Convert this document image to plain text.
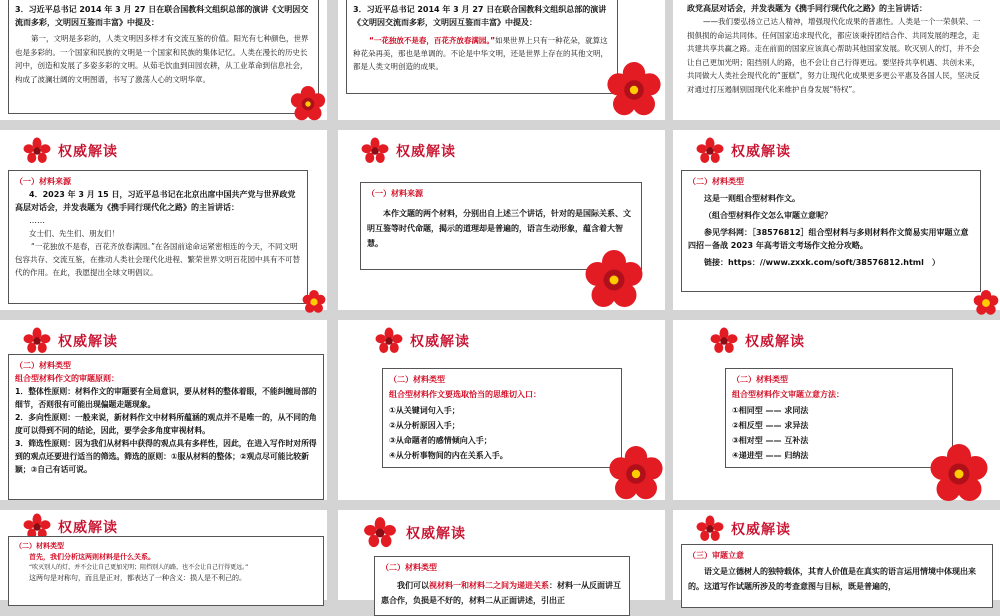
3．习近平总书记 2014 年 3 月 27 日在联合国教科文组织总部的演讲《文明因交流而多彩，文明因互鉴而丰富》中提及：

第一，文明是多彩的，人类文明因多样才有交流互鉴的价值。阳光有七种颜色，世界也是多彩的。一个国家和民族的文明是一个国家和民族的集体记忆。人类在漫长的历史长河中，创造和发展了多姿多彩的文明。从茹毛饮血到田园农耕，从工业革命到信息社会，构成了波澜壮阔的文明图谱，书写了激荡人心的文明华章。

3．习近平总书记 2014 年 3 月 27 日在联合国教科文组织总部的演讲《文明因交流而多彩，文明因互鉴而丰富》中提及：

“一花独放不是春，百花齐放春满园。”如果世界上只有一种花朵，就算这种花朵再美，那也是单调的。不论是中华文明，还是世界上存在的其他文明，都是人类文明创造的成果。

政党高层对话会，并发表题为《携手同行现代化之路》的主旨讲话：

——我们要弘扬立己达人精神，增强现代化成果的普惠性。人类是一个一荣俱荣、一损俱损的命运共同体。任何国家追求现代化，都应该秉持团结合作、共同发展的理念，走共建共享共赢之路。走在前面的国家应该真心帮助其他国家发展。吹灭别人的灯，并不会让自己更加光明；阻挡别人的路，也不会让自己行得更远。要坚持共享机遇、共创未来，共同做大人类社会现代化的“蛋糕”，努力让现代化成果更多更公平惠及各国人民，坚决反对通过打压遏制别国现代化来维护自身发展“特权”。

权威解读

（一）材料来源

4．2023 年 3 月 15 日，习近平总书记在北京出席中国共产党与世界政党高层对话会，并发表题为《携手同行现代化之路》的主旨讲话：

……

女士们、先生们、朋友们！

“一花独放不是春，百花齐放春满园。”在各国前途命运紧密相连的今天，不同文明包容共存、交流互鉴，在推动人类社会现代化进程、繁荣世界文明百花园中具有不可替代的作用。在此，我愿提出全球文明倡议。

权威解读

（一）材料来源

本作文题的两个材料，分别出自上述三个讲话，针对的是国际关系、文明互鉴等时代命题，揭示的道理却是普遍的，语言生动形象，蕴含着大智慧。

权威解读

（二）材料类型

这是一则组合型材料作文。

（组合型材料作文怎么审题立意呢？

参见学科网：［38576812］组合型材料与多则材料作文简易实用审题立意四招－备战 2023 年高考语文考场作文抢分攻略。

链接：https：//www.zxxk.com/soft/38576812.html　）

权威解读

（二）材料类型

组合型材料作文的审题原则：

1．整体性原则：材料作文的审题要有全局意识，要从材料的整体着眼，不能纠缠局部的细节，否则很有可能出现偏题走题现象。

2．多向性原则：一般来说，新材料作文中材料所蕴涵的观点并不是唯一的，从不同的角度可以得到不同的结论，因此，要学会多角度审视材料。

3．筛选性原则：因为我们从材料中获得的观点具有多样性，因此，在进入写作时对所得到的观点还要进行适当的筛选。筛选的原则：①服从材料的整体；②观点尽可能比较新颖；③自己有话可说。

权威解读

（二）材料类型

组合型材料作文要选取恰当的思维切入口：

①从关键词句入手；

②从分析原因入手；

③从命题者的感情倾向入手；

④从分析事物间的内在关系入手。

权威解读

（二）材料类型

组合型材料作文审题立意方法：

①相同型 —— 求同法

②相反型 —— 求异法

③相对型 —— 互补法

④递进型 —— 归纳法

权威解读

（二）材料类型

首先，我们分析这两则材料是什么关系。

“吹灭别人的灯，并不会让自己更加光明；阻挡别人的路，也不会让自己行得更远。”

这两句是对称句，而且是正对，都表达了一种含义：损人是不利己的。

权威解读

（二）材料类型

我们可以视材料一和材料二之间为递进关系：材料一从反面讲互惠合作，负损是不好的，材料二从正面讲述，引出正

权威解读

（三）审题立意

语文是立德树人的独特载体，其育人价值是在真实的语言运用情境中体现出来的。这道写作试题所涉及的考查意图与目标，既是普遍的，
